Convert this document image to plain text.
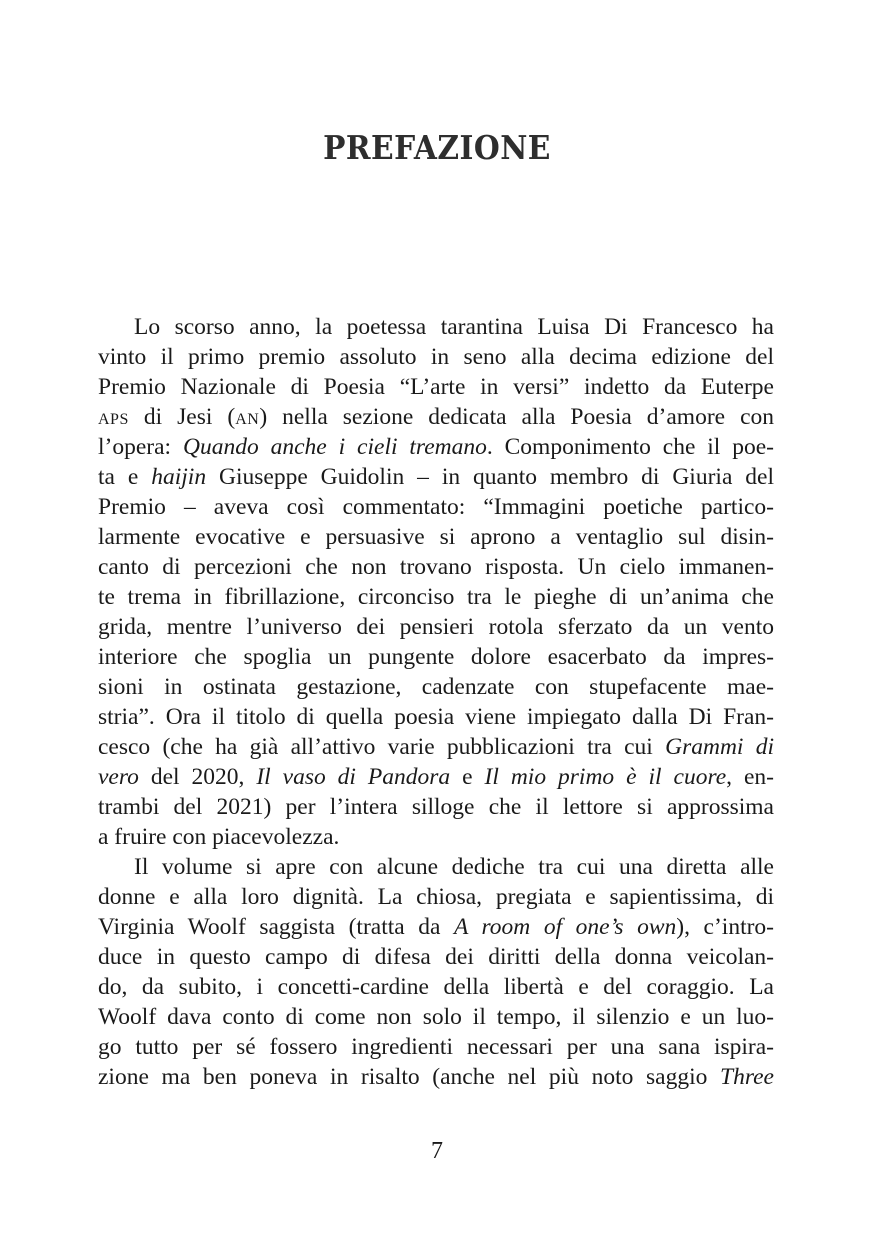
PREFAZIONE
Lo scorso anno, la poetessa tarantina Luisa Di Francesco ha
vinto il primo premio assoluto in seno alla decima edizione del
Premio Nazionale di Poesia “L’arte in versi” indetto da Euterpe
aps di Jesi (an) nella sezione dedicata alla Poesia d’amore con
l’opera: Quando anche i cieli tremano. Componimento che il poe-
ta e haijin Giuseppe Guidolin – in quanto membro di Giuria del
Premio – aveva così commentato: “Immagini poetiche partico-
larmente evocative e persuasive si aprono a ventaglio sul disin-
canto di percezioni che non trovano risposta. Un cielo immanen-
te trema in fibrillazione, circonciso tra le pieghe di un’anima che
grida, mentre l’universo dei pensieri rotola sferzato da un vento
interiore che spoglia un pungente dolore esacerbato da impres-
sioni in ostinata gestazione, cadenzate con stupefacente mae-
stria”. Ora il titolo di quella poesia viene impiegato dalla Di Fran-
cesco (che ha già all’attivo varie pubblicazioni tra cui Grammi di
vero del 2020, Il vaso di Pandora e Il mio primo è il cuore, en-
trambi del 2021) per l’intera silloge che il lettore si approssima
a fruire con piacevolezza.
Il volume si apre con alcune dediche tra cui una diretta alle
donne e alla loro dignità. La chiosa, pregiata e sapientissima, di
Virginia Woolf saggista (tratta da A room of one’s own), c’intro-
duce in questo campo di difesa dei diritti della donna veicolan-
do, da subito, i concetti-cardine della libertà e del coraggio. La
Woolf dava conto di come non solo il tempo, il silenzio e un luo-
go tutto per sé fossero ingredienti necessari per una sana ispira-
zione ma ben poneva in risalto (anche nel più noto saggio Three
7
